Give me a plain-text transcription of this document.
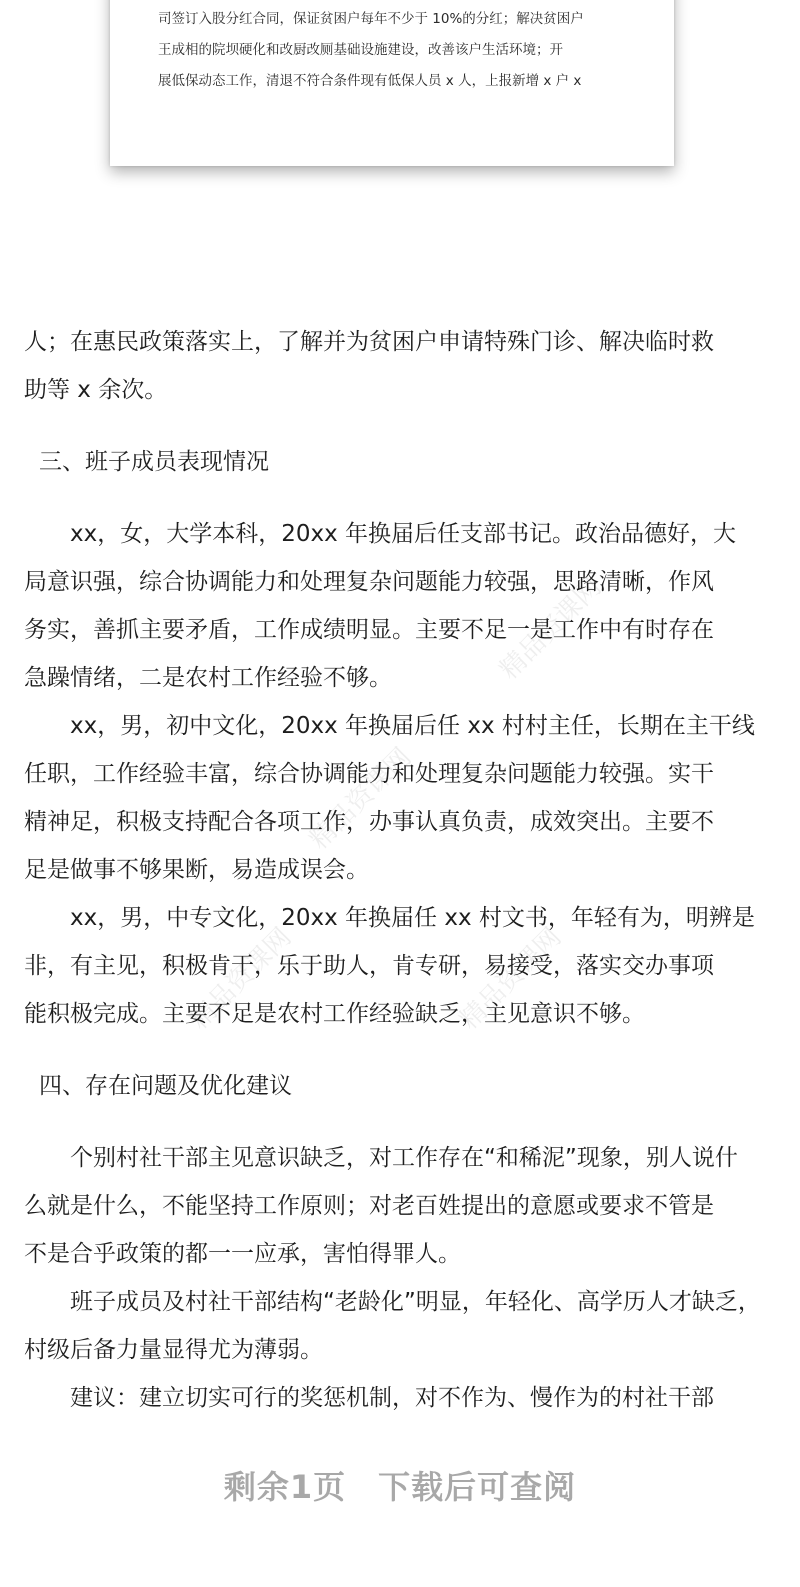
司签订入股分红合同，保证贫困户每年不少于 10%的分红；解决贫困户
王成相的院坝硬化和改厨改厕基础设施建设，改善该户生活环境；开
展低保动态工作，清退不符合条件现有低保人员 x 人，上报新增 x 户 x
精品资课网
精品资课网
精品资课网	精品资课网
人；在惠民政策落实上，了解并为贫困户申请特殊门诊、解决临时救
助等 x 余次。
三、班子成员表现情况
xx，女，大学本科，20xx 年换届后任支部书记。政治品德好，大
局意识强，综合协调能力和处理复杂问题能力较强，思路清晰，作风
务实，善抓主要矛盾，工作成绩明显。主要不足一是工作中有时存在
急躁情绪，二是农村工作经验不够。
xx，男，初中文化，20xx 年换届后任 xx 村村主任，长期在主干线
任职，工作经验丰富，综合协调能力和处理复杂问题能力较强。实干
精神足，积极支持配合各项工作，办事认真负责，成效突出。主要不
足是做事不够果断，易造成误会。
xx，男，中专文化，20xx 年换届任 xx 村文书，年轻有为，明辨是
非，有主见，积极肯干，乐于助人，肯专研，易接受，落实交办事项
能积极完成。主要不足是农村工作经验缺乏，主见意识不够。
四、存在问题及优化建议
个别村社干部主见意识缺乏，对工作存在“和稀泥”现象，别人说什
么就是什么，不能坚持工作原则；对老百姓提出的意愿或要求不管是
不是合乎政策的都一一应承，害怕得罪人。
班子成员及村社干部结构“老龄化”明显，年轻化、高学历人才缺乏，
村级后备力量显得尤为薄弱。
建议：建立切实可行的奖惩机制，对不作为、慢作为的村社干部
剩余1页 下载后可查阅
